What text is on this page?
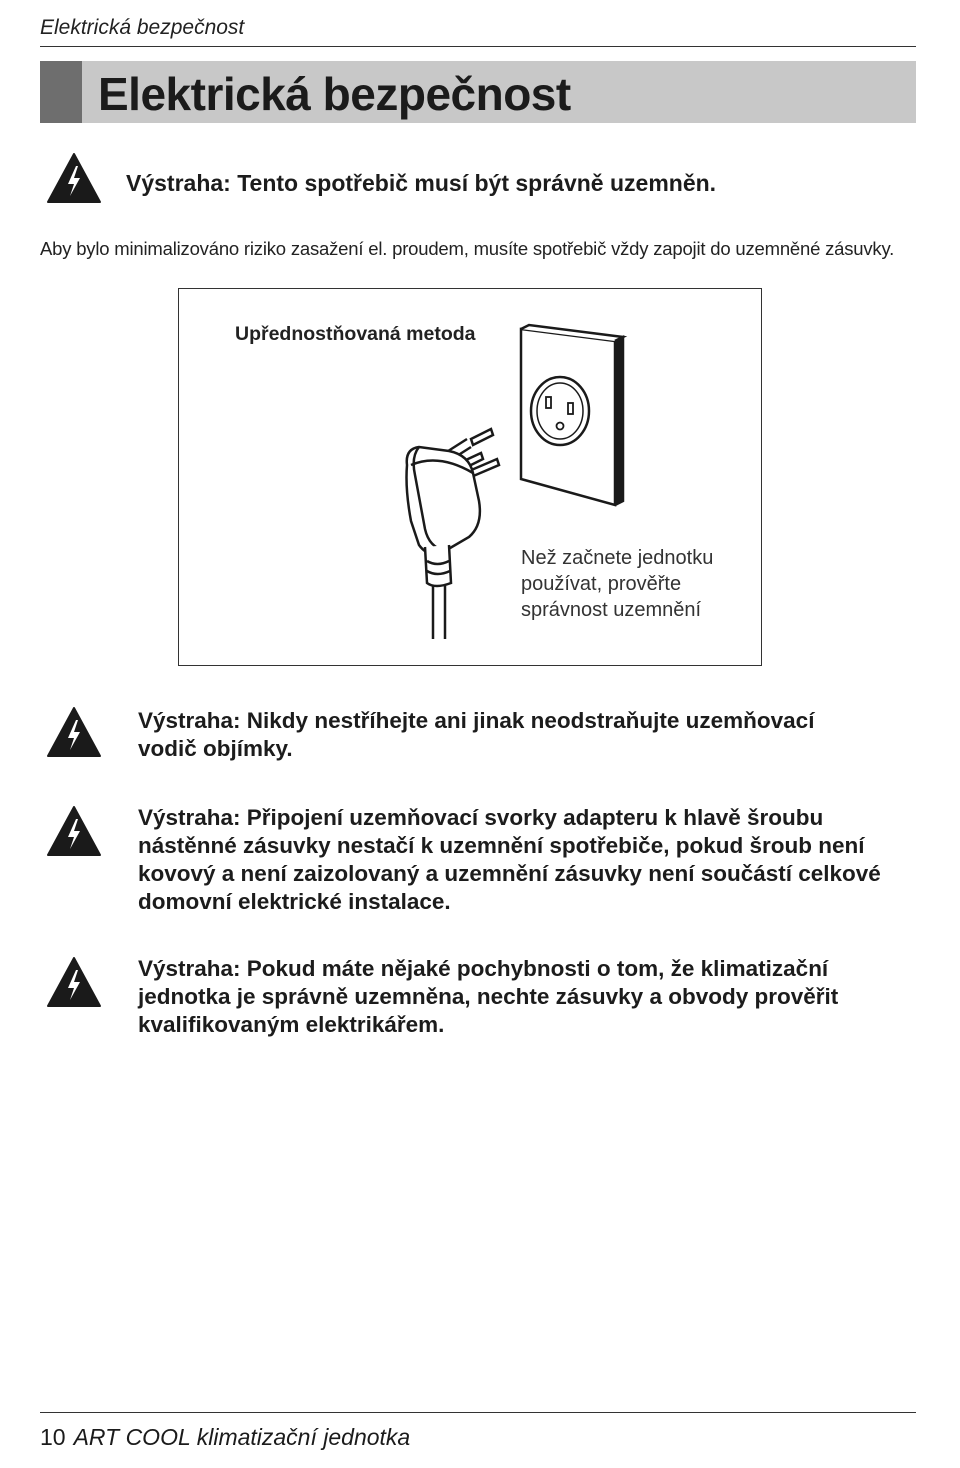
Elektrická bezpečnost
Elektrická bezpečnost
Výstraha: Tento spotřebič musí být správně uzemněn.
Aby bylo minimalizováno riziko zasažení el. proudem, musíte spotřebič vždy zapojit do uzemněné zásuvky.
Upřednostňovaná metoda
Než začnete jednotku
používat, prověřte
správnost uzemnění
Výstraha: Nikdy nestříhejte ani jinak neodstraňujte uzemňovací vodič objímky.
Výstraha: Připojení uzemňovací svorky adapteru k hlavě šroubu nástěnné zásuvky nestačí k uzemnění spotřebiče, pokud šroub není kovový a není zaizolovaný a uzemnění zásuvky není součástí celkové domovní elektrické instalace.
Výstraha: Pokud máte nějaké pochybnosti o tom, že klimatizační jednotka je správně uzemněna, nechte zásuvky a obvody prověřit kvalifikovaným elektrikářem.
10 ART COOL klimatizační jednotka
